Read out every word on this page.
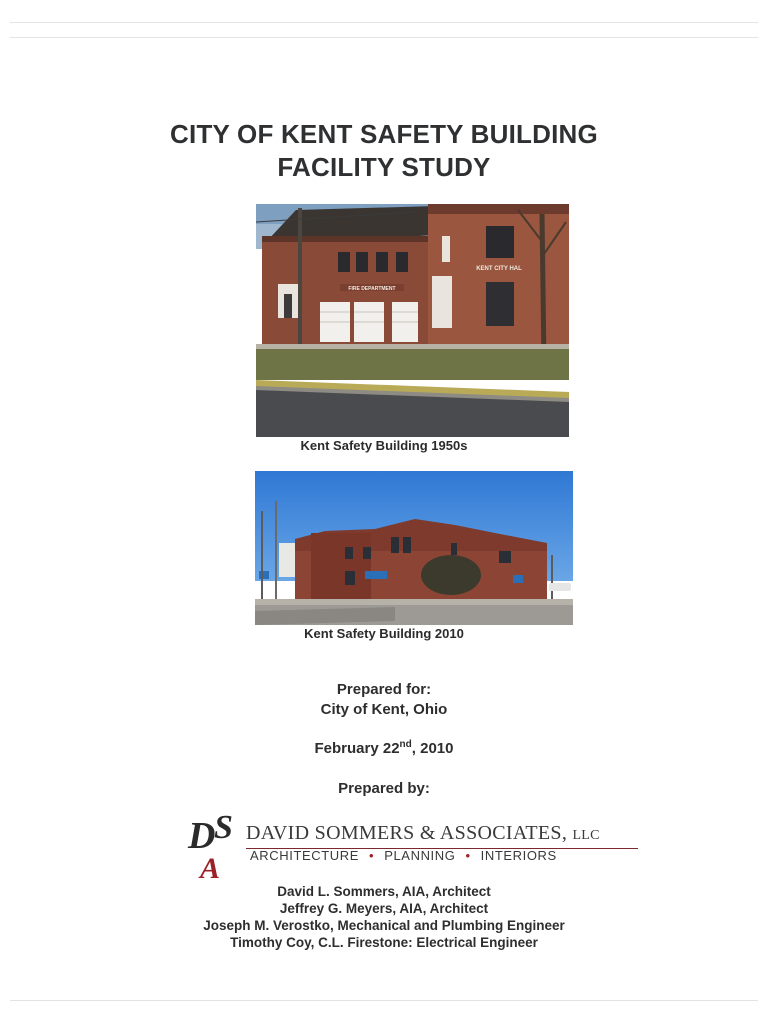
CITY OF KENT SAFETY BUILDING
FACILITY STUDY
FIRE DEPARTMENT
KENT CITY HAL
Kent Safety Building 1950s
Kent Safety Building 2010
Prepared for:
City of Kent, Ohio
February 22nd, 2010
Prepared by:
D
S
A
DAVID SOMMERS & ASSOCIATES, LLC
ARCHITECTURE • PLANNING • INTERIORS
David L. Sommers, AIA, Architect
Jeffrey G. Meyers, AIA, Architect
Joseph M. Verostko, Mechanical and Plumbing Engineer
Timothy Coy, C.L. Firestone: Electrical Engineer
